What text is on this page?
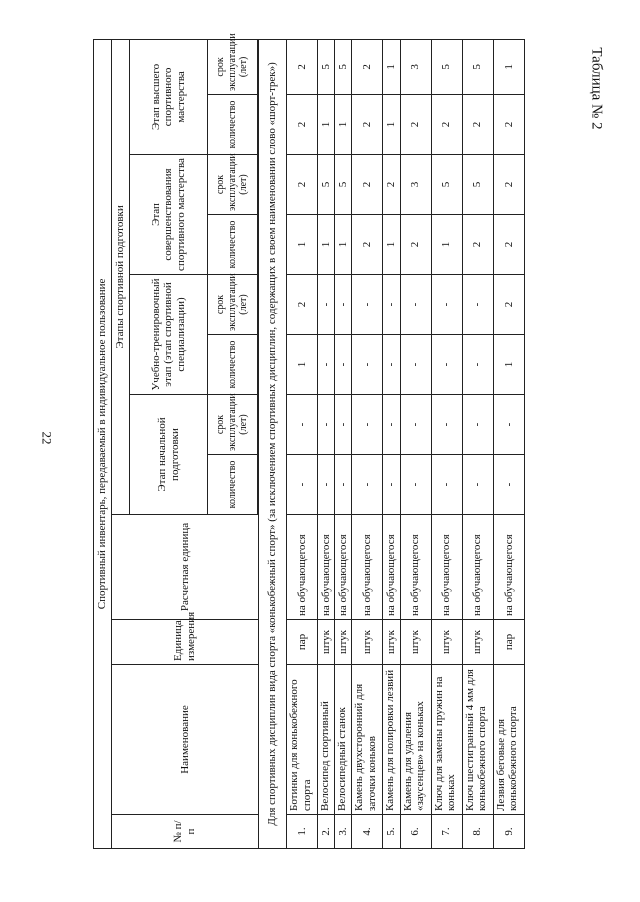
22
Таблица № 2
Спортивный инвентарь, передаваемый в индивидуальное пользование											
№ п/п	Наименование	Единица измерения	Расчетная единица	Этапы спортивной подготовки							
				Этап начальной подготовки		Учебно-тренировочный этап (этап спортивной специализации)		Этап совершенствования спортивного мастерства		Этап высшего спортивного мастерства	
				количество	срок эксплуатации (лет)	количество	срок эксплуатации (лет)	количество	срок эксплуатации (лет)	количество	срок эксплуатации (лет)

Для спортивных дисциплин вида спорта «конькобежный спорт» (за исключением спортивных дисциплин, содержащих в своем наименовании слово «шорт-трек»)											
1.	Ботинки для конькобежного спорта	пар	на обучающегося	-	-	1	2	1	2	2	2
2.	Велосипед спортивный	штук	на обучающегося	-	-	-	-	1	5	1	5
3.	Велосипедный станок	штук	на обучающегося	-	-	-	-	1	5	1	5
4.	Камень двухсторонний для заточки коньков	штук	на обучающегося	-	-	-	-	2	2	2	2
5.	Камень для полировки лезвий	штук	на обучающегося	-	-	-	-	1	2	1	1
6.	Камень для удаления «заусенцев» на коньках	штук	на обучающегося	-	-	-	-	2	3	2	3
7.	Ключ для замены пружин на коньках	штук	на обучающегося	-	-	-	-	1	5	2	5
8.	Ключ шестигранный 4 мм для конькобежного спорта	штук	на обучающегося	-	-	-	-	2	5	2	5
9.	Лезвия беговые для конькобежного спорта	пар	на обучающегося	-	-	1	2	2	2	2	1
